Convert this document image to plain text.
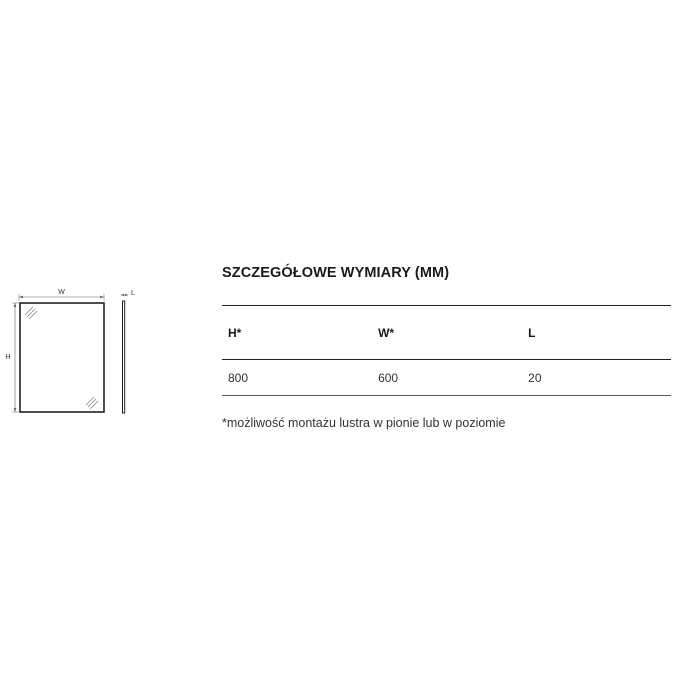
W
H
L
SZCZEGÓŁOWE WYMIARY (MM)
H*	W*	L
800	600	20

*możliwość montażu lustra w pionie lub w poziomie
